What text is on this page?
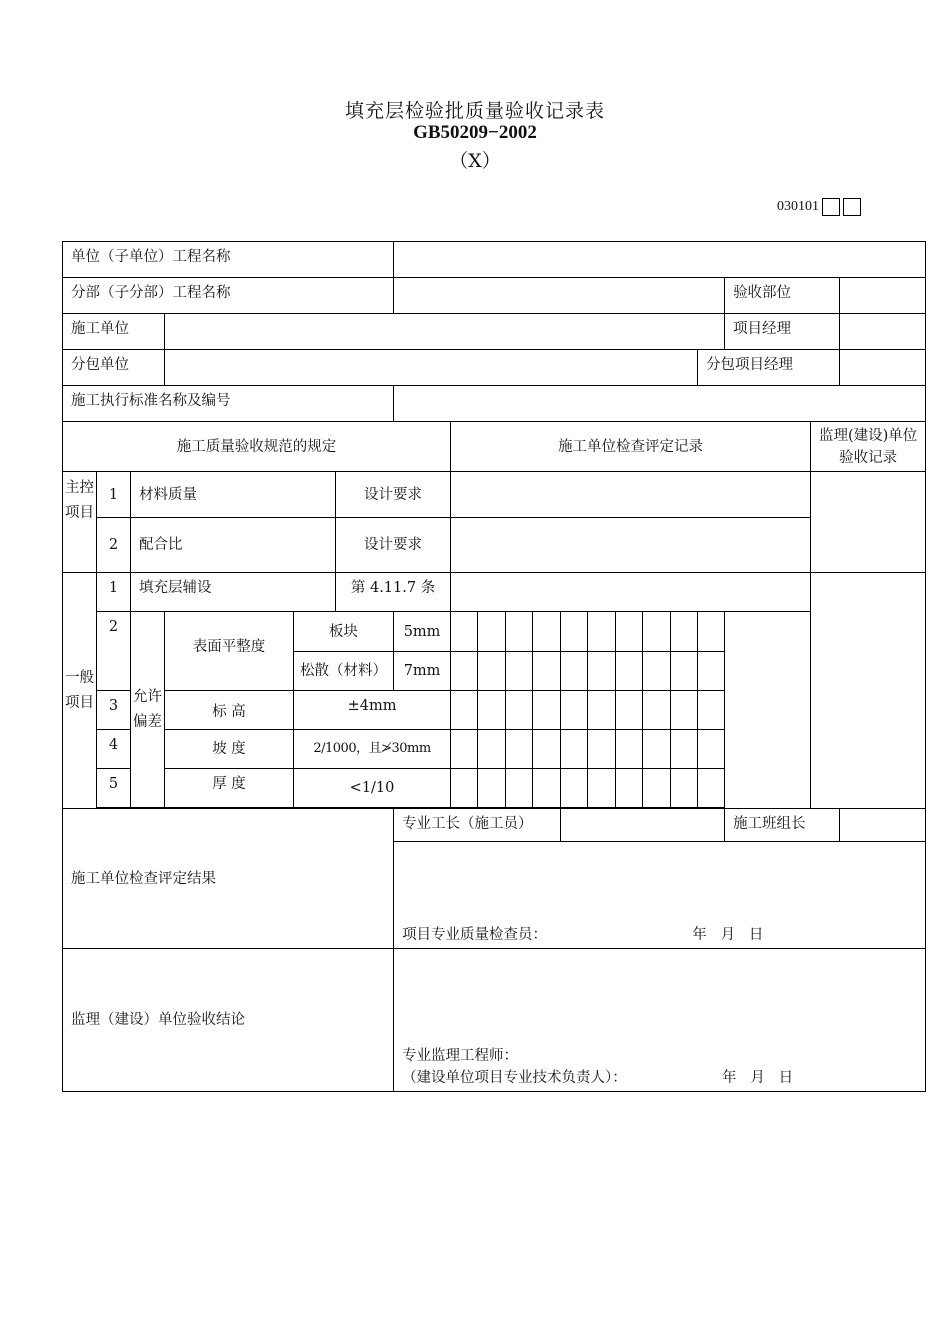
填充层检验批质量验收记录表
GB50209−2002
（Ⅹ）
030101
单位（子单位）工程名称																			
分部（子分部）工程名称																	验收部位		
施工单位																	项目经理		
分包单位																分包项目经理			
施工执行标准名称及编号																			
施工质量验收规范的规定							施工单位检查评定记录											监理(建设)单位验收记录	
主控项目	1	材料质量			设计要求														
	2	配合比			设计要求														
一般项目	1	填充层辅设			第 4.11.7 条														
	2	允许偏差	表面平整度	板块		5mm													
				松散（材料）		7mm													
	3		标 高	±4mm															
	4		坡 度	2/1000，且≯30mm															
	5		厚 度	<1/10															

施工单位检查评定结果						专业工长（施工员）											施工班组长		
						项目专业质量检查员： 年   月   日													
监理（建设）单位验收结论						专业监理工程师：
（建设单位项目专业技术负责人）： 年   月   日													
